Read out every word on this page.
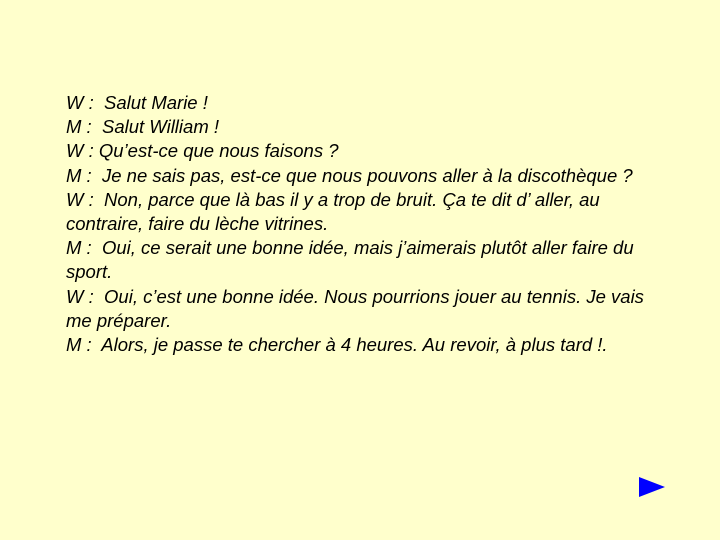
W :  Salut Marie !

M :  Salut William !

W : Qu’est-ce que nous faisons ?

M :  Je ne sais pas, est-ce que nous pouvons aller à la discothèque ?

W :  Non, parce que là bas il y a trop de bruit. Ça te dit d’ aller, au contraire, faire du lèche vitrines.

M :  Oui, ce serait une bonne idée, mais j’aimerais plutôt aller faire du sport.

W :  Oui, c’est une bonne idée. Nous pourrions jouer au tennis. Je vais me préparer.

M :  Alors, je passe te chercher à 4 heures. Au revoir, à plus tard !.
